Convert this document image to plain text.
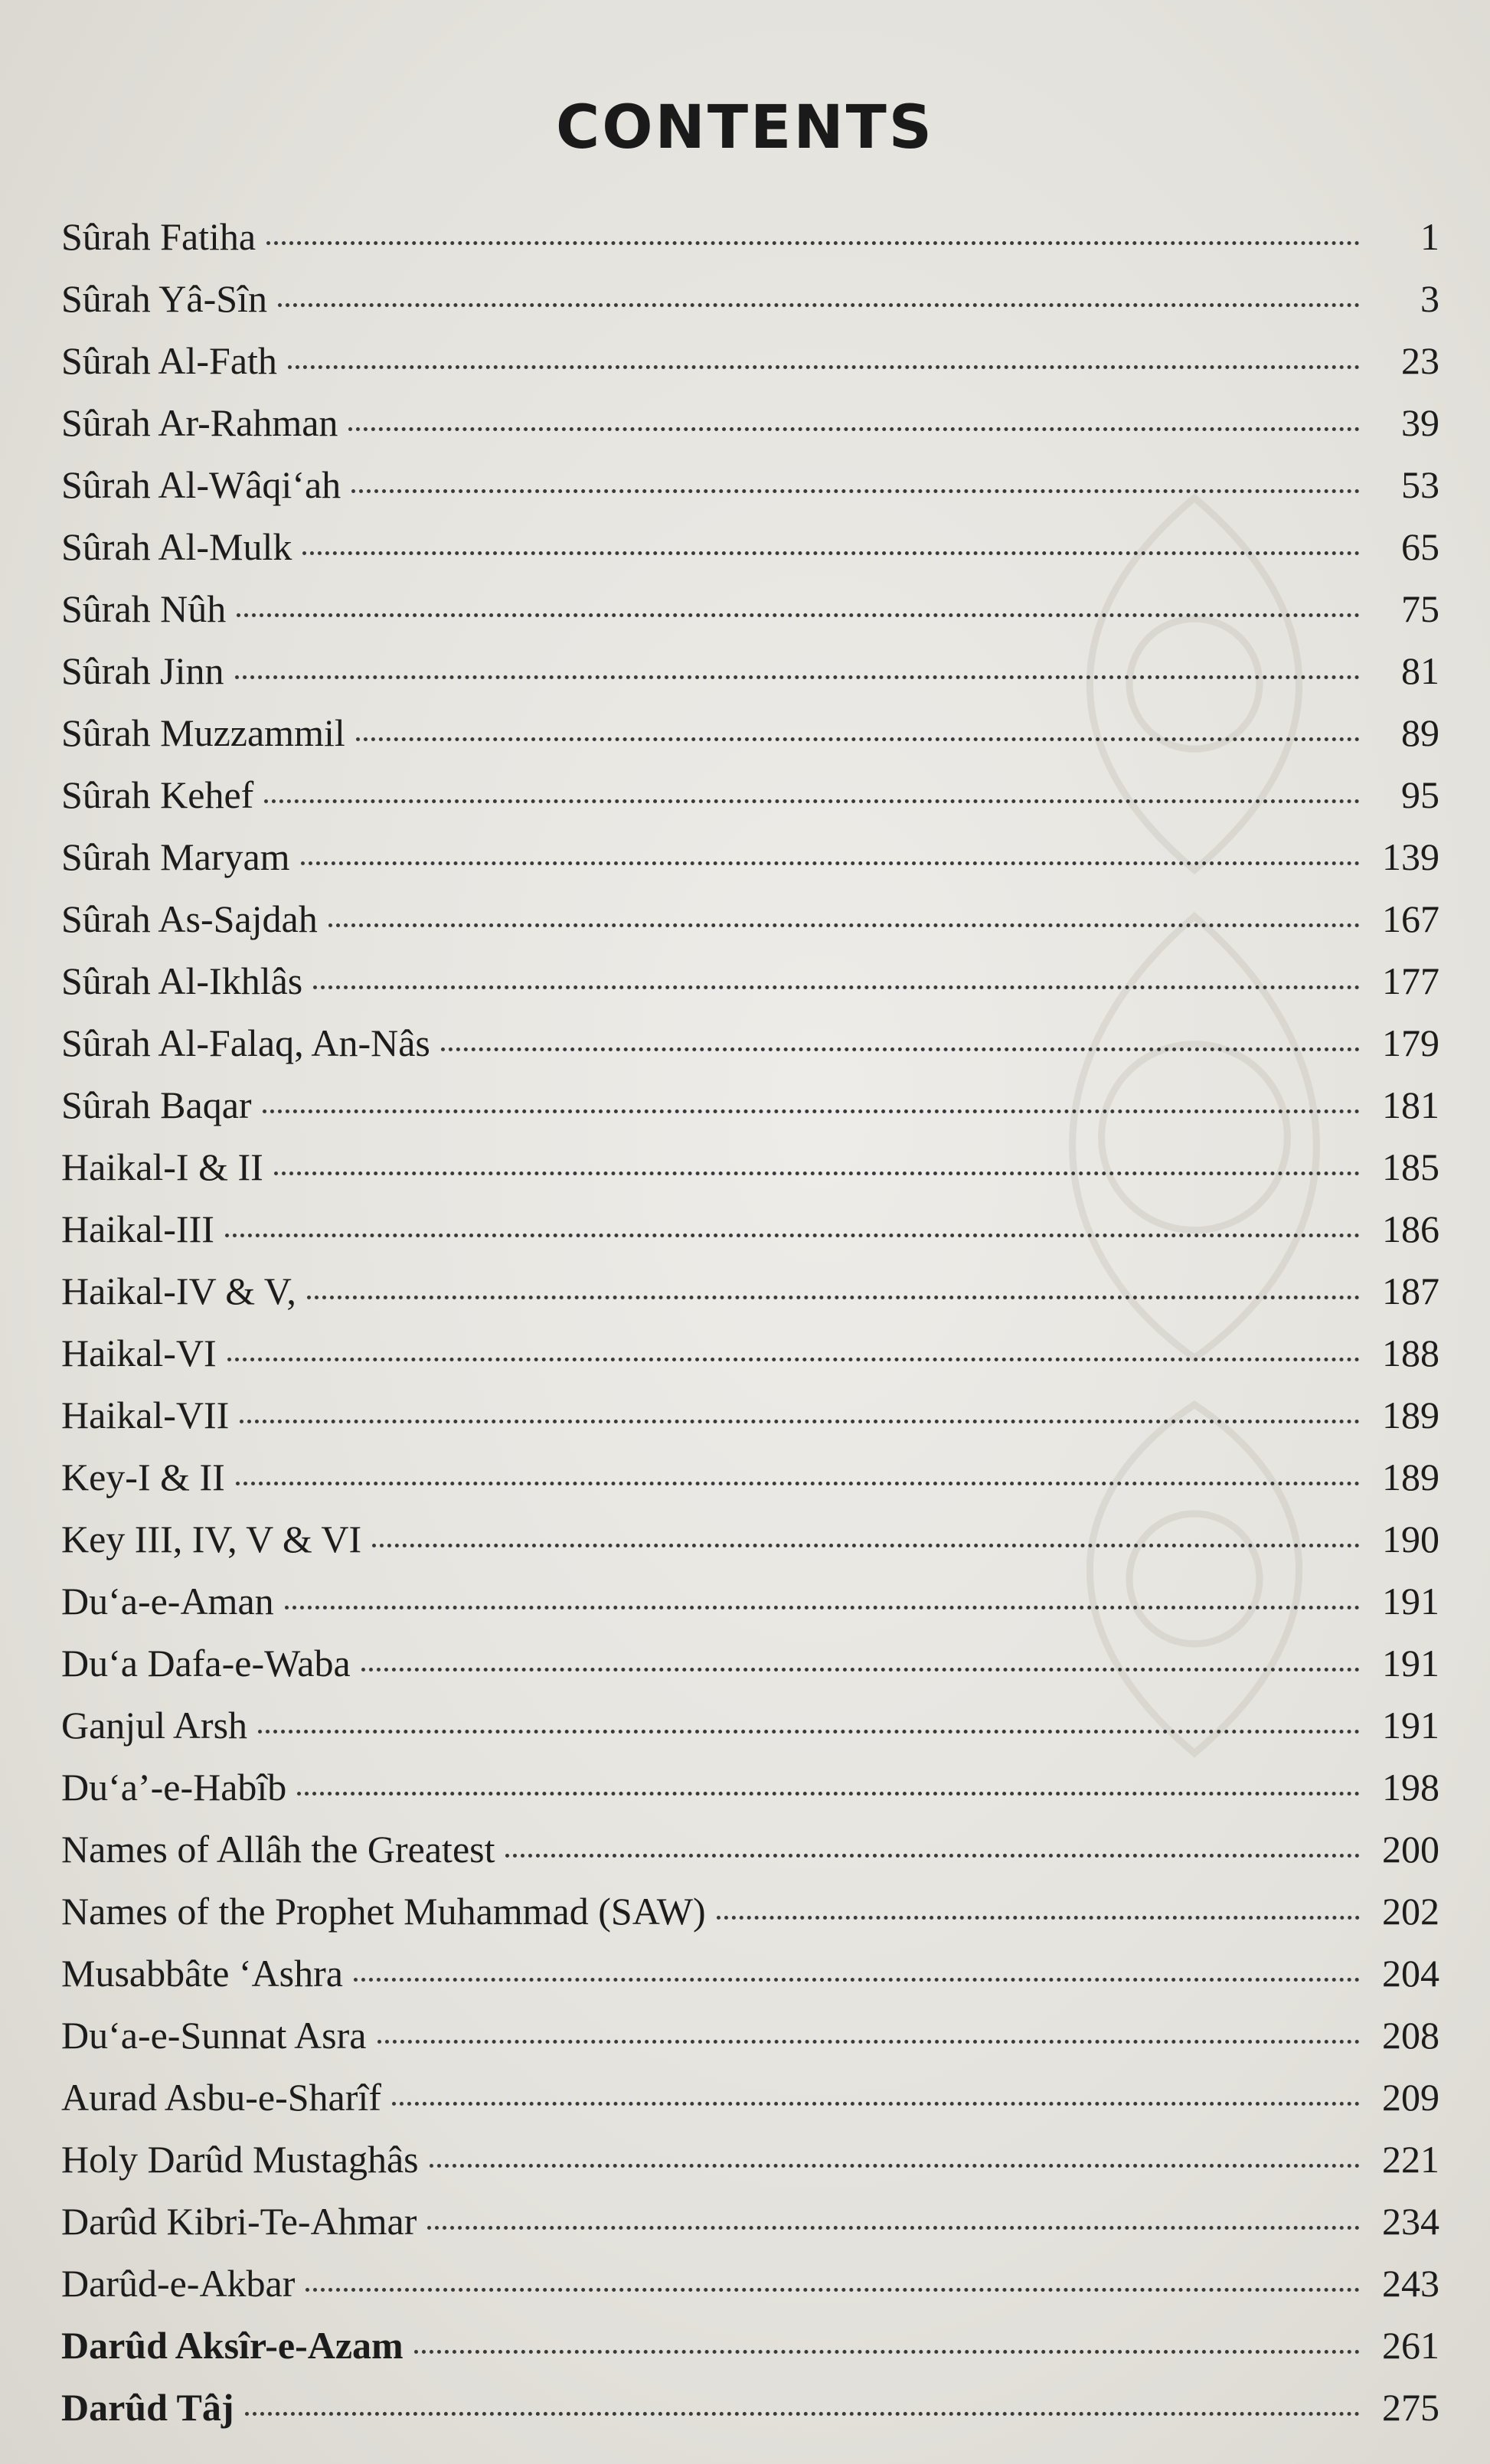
CONTENTS
Sûrah Fatiha	1
Sûrah Yâ-Sîn	3
Sûrah Al-Fath	23
Sûrah Ar-Rahman	39
Sûrah Al-Wâqi‘ah	53
Sûrah Al-Mulk	65
Sûrah Nûh	75
Sûrah Jinn	81
Sûrah Muzzammil	89
Sûrah Kehef	95
Sûrah Maryam	139
Sûrah As-Sajdah	167
Sûrah Al-Ikhlâs	177
Sûrah Al-Falaq, An-Nâs	179
Sûrah Baqar	181
Haikal-I & II	185
Haikal-III	186
Haikal-IV & V,	187
Haikal-VI	188
Haikal-VII	189
Key-I & II	189
Key III, IV, V & VI	190
Du‘a-e-Aman	191
Du‘a Dafa-e-Waba	191
Ganjul Arsh	191
Du‘a’-e-Habîb	198
Names of Allâh the Greatest	200
Names of the Prophet Muhammad (SAW)	202
Musabbâte ‘Ashra	204
Du‘a-e-Sunnat Asra	208
Aurad Asbu-e-Sharîf	209
Holy Darûd Mustaghâs	221
Darûd Kibri-Te-Ahmar	234
Darûd-e-Akbar	243
Darûd Aksîr-e-Azam	261
Darûd Tâj	275
